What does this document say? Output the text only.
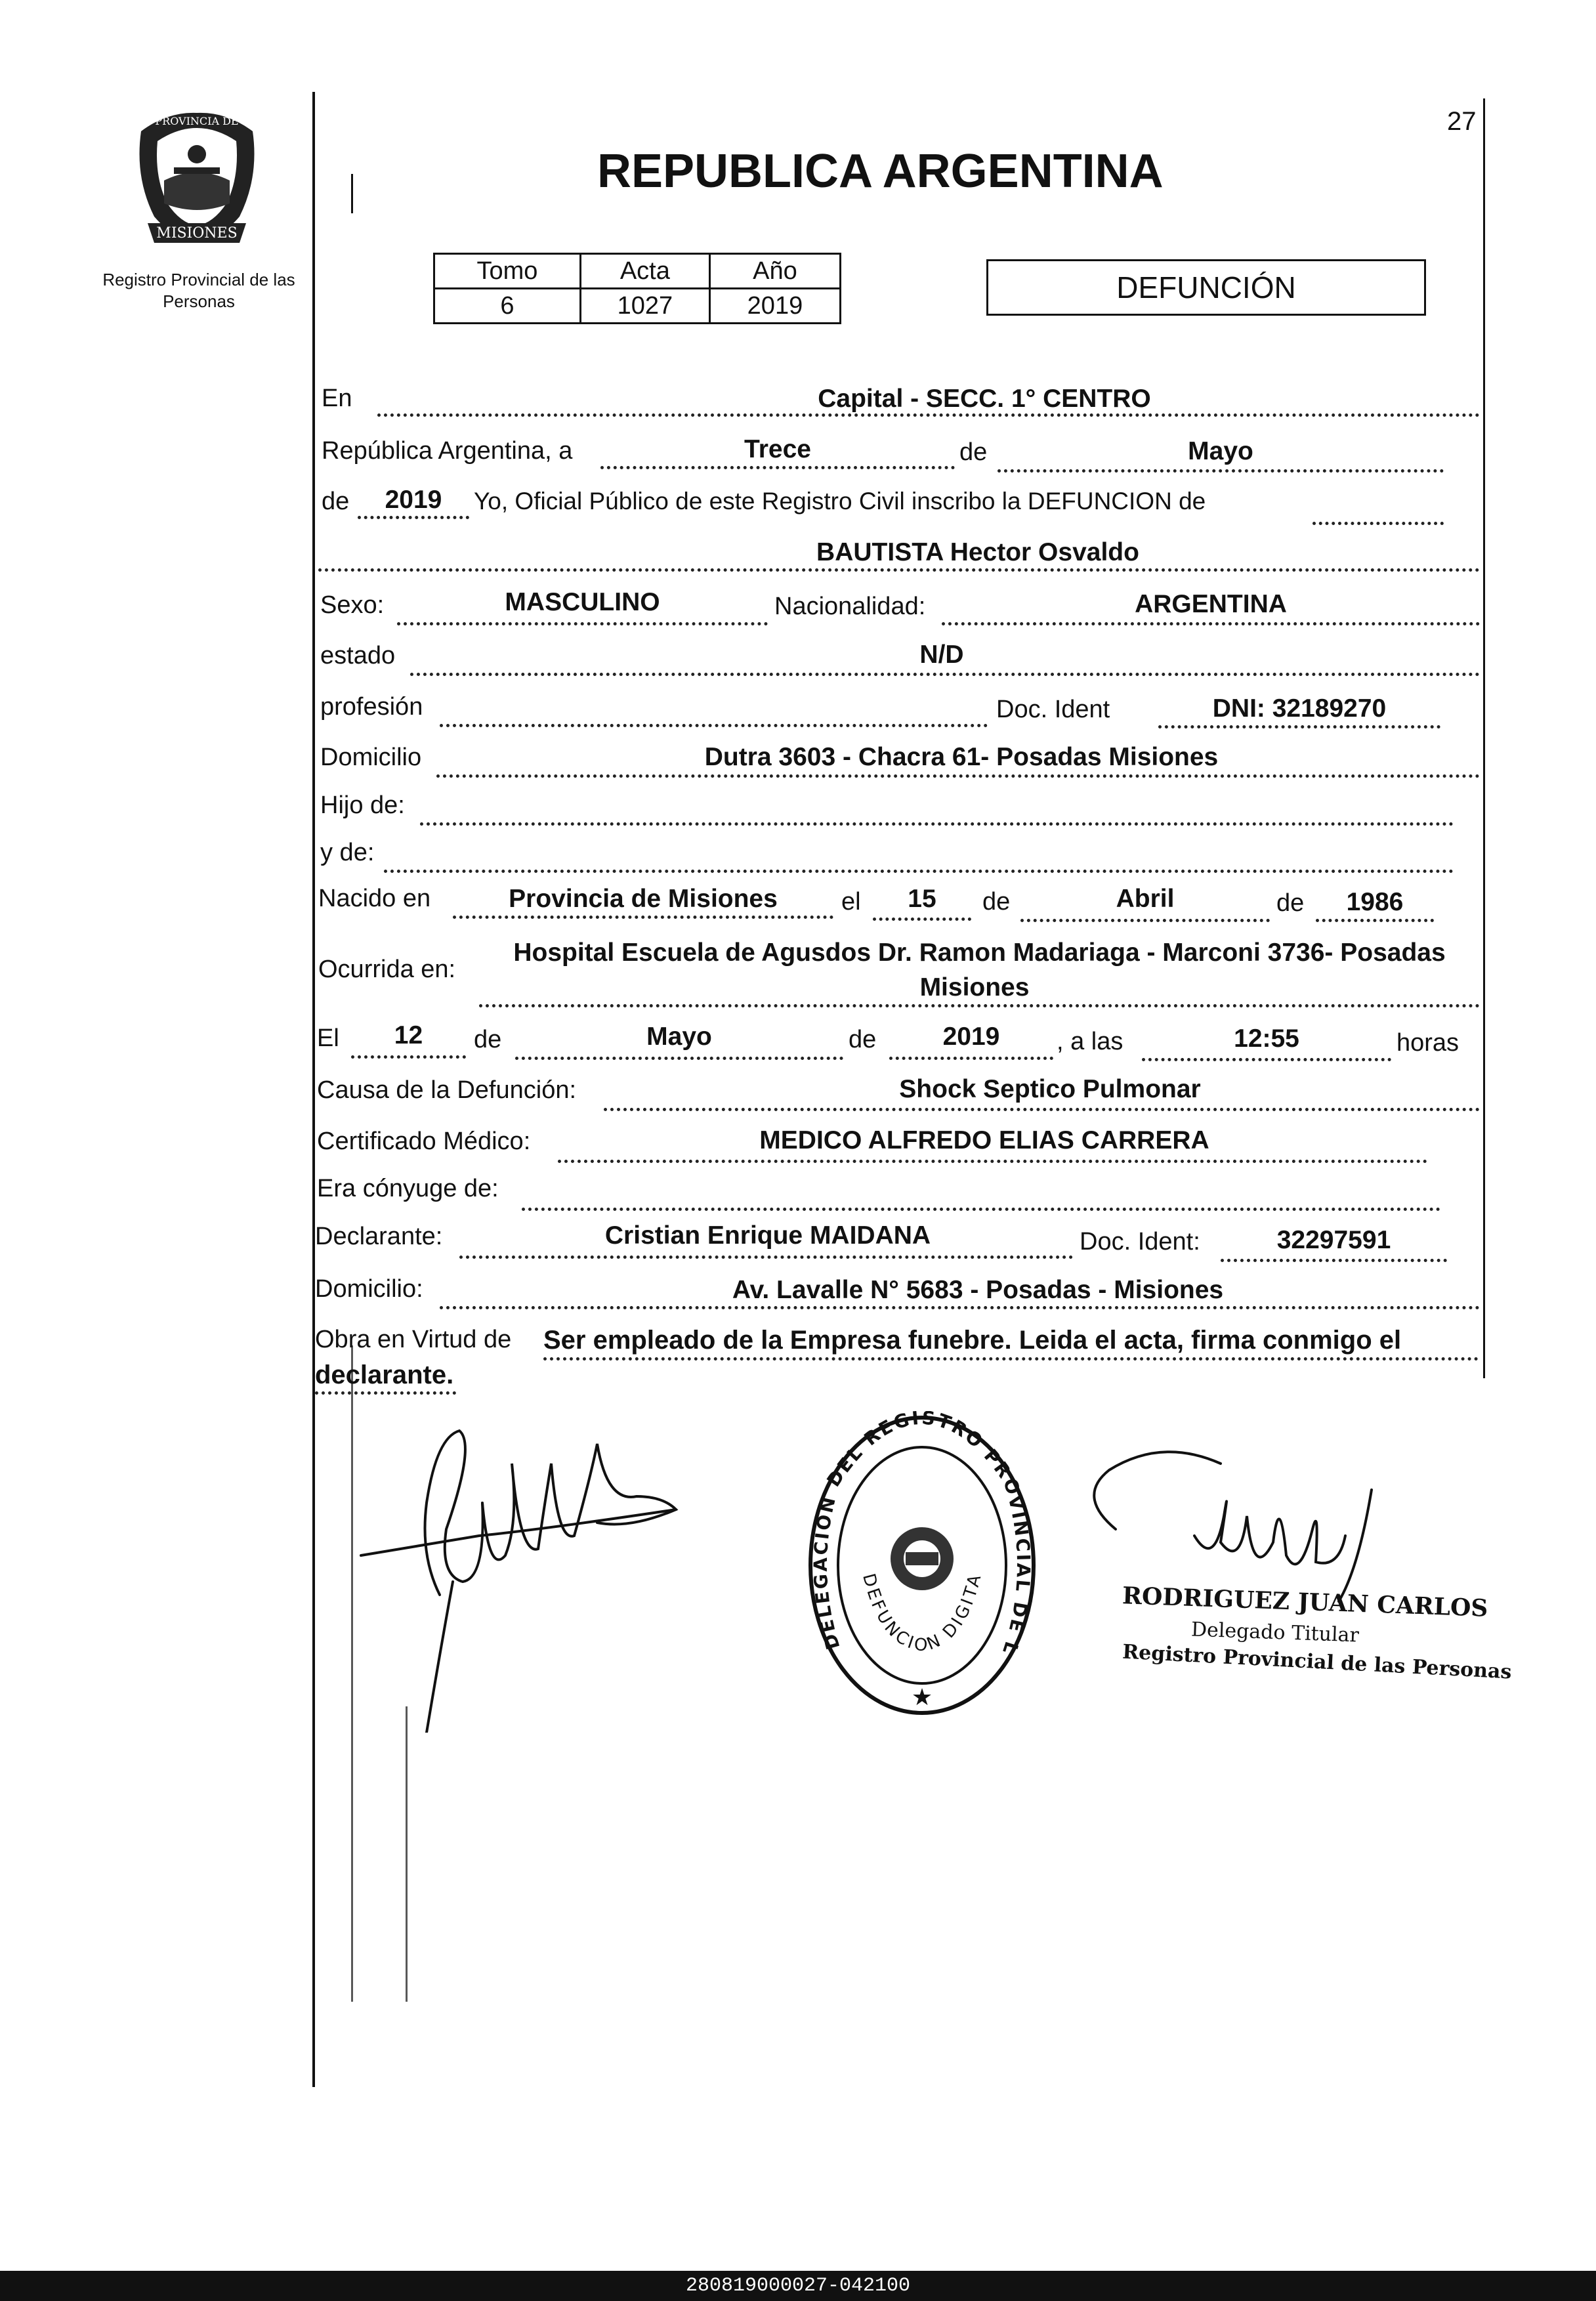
MISIONES
PROVINCIA DE
Registro Provincial de las Personas
27
REPUBLICA ARGENTINA
Tomo	Acta	Año
6	1027	2019
DEFUNCIÓN
En	Capital - SECC. 1° CENTRO
República Argentina, a	Trece	de	Mayo
de	2019	Yo, Oficial Público de este Registro Civil inscribo la DEFUNCION de
BAUTISTA Hector Osvaldo
Sexo:	MASCULINO	Nacionalidad:	ARGENTINA
estado	N/D
profesión	Doc. Ident	DNI: 32189270
Domicilio	Dutra 3603 - Chacra 61- Posadas Misiones
Hijo de:
y de:
Nacido en	Provincia de Misiones	el	15	de	Abril	de	1986
Ocurrida en:
Hospital Escuela de Agusdos Dr. Ramon Madariaga - Marconi 3736- Posadas
Misiones
El	12	de	Mayo	de	2019	, a las	12:55	horas
Causa de la Defunción:	Shock Septico Pulmonar
Certificado Médico:	MEDICO ALFREDO ELIAS CARRERA
Era cónyuge de:
Declarante:	Cristian Enrique MAIDANA	Doc. Ident:	32297591
Domicilio:	Av. Lavalle N° 5683 - Posadas - Misiones
Obra en Virtud de Ser empleado de la Empresa funebre. Leida el acta, firma conmigo el
declarante.
DELEGACION DEL REGISTRO PROVINCIAL DE L
DEFUNCION DIGITA
★
RODRIGUEZ JUAN CARLOS
Delegado Titular
Registro Provincial de las Personas
280819000027-042100
